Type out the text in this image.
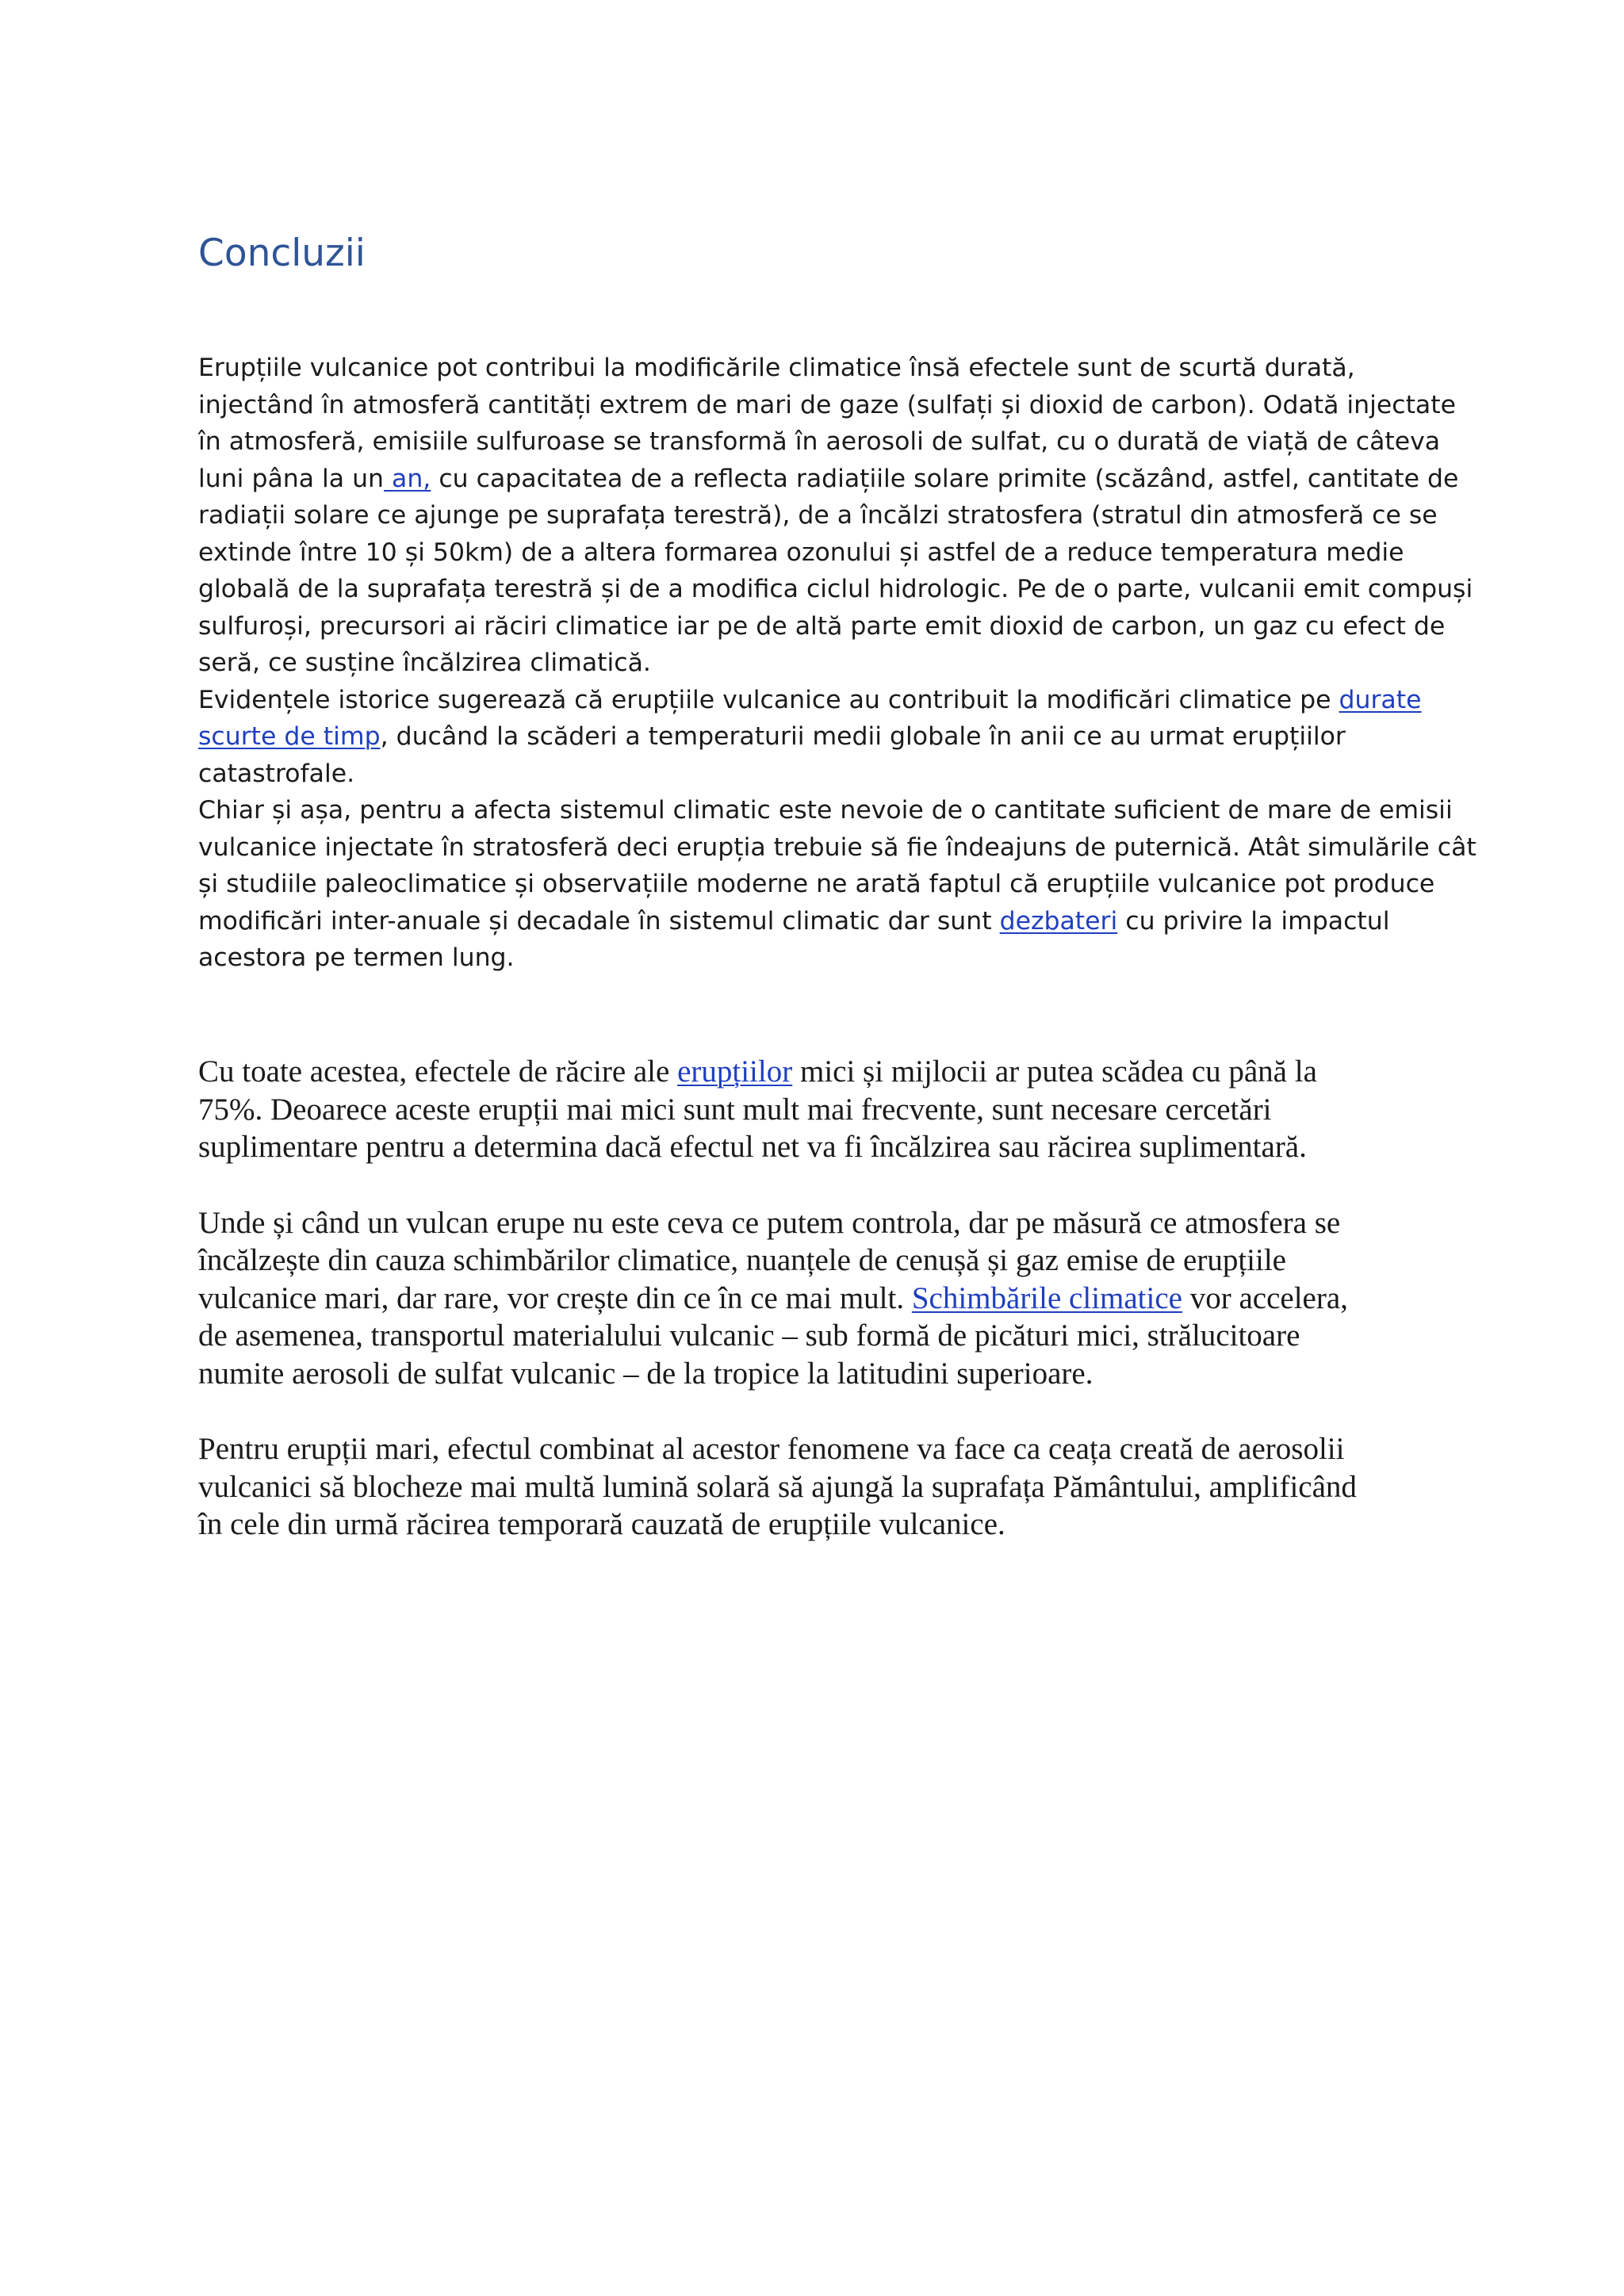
Concluzii

Erupțiile vulcanice pot contribui la modificările climatice însă efectele sunt de scurtă durată,
injectând în atmosferă cantități extrem de mari de gaze (sulfați și dioxid de carbon). Odată injectate
în atmosferă, emisiile sulfuroase se transformă în aerosoli de sulfat, cu o durată de viață de câteva
luni pâna la un an, cu capacitatea de a reflecta radiațiile solare primite (scăzând, astfel, cantitate de
radiații solare ce ajunge pe suprafața terestră), de a încălzi stratosfera (stratul din atmosferă ce se
extinde între 10 și 50km) de a altera formarea ozonului și astfel de a reduce temperatura medie
globală de la suprafața terestră și de a modifica ciclul hidrologic. Pe de o parte, vulcanii emit compuși
sulfuroși, precursori ai răciri climatice iar pe de altă parte emit dioxid de carbon, un gaz cu efect de
seră, ce susține încălzirea climatică.

Evidențele istorice sugerează că erupțiile vulcanice au contribuit la modificări climatice pe durate
scurte de timp, ducând la scăderi a temperaturii medii globale în anii ce au urmat erupțiilor
catastrofale.

Chiar și așa, pentru a afecta sistemul climatic este nevoie de o cantitate suficient de mare de emisii
vulcanice injectate în stratosferă deci erupția trebuie să fie îndeajuns de puternică. Atât simulările cât
și studiile paleoclimatice și observațiile moderne ne arată faptul că erupțiile vulcanice pot produce
modificări inter-anuale și decadale în sistemul climatic dar sunt dezbateri cu privire la impactul
acestora pe termen lung.

Cu toate acestea, efectele de răcire ale erupțiilor mici și mijlocii ar putea scădea cu până la
75%. Deoarece aceste erupții mai mici sunt mult mai frecvente, sunt necesare cercetări
suplimentare pentru a determina dacă efectul net va fi încălzirea sau răcirea suplimentară.

Unde și când un vulcan erupe nu este ceva ce putem controla, dar pe măsură ce atmosfera se
încălzește din cauza schimbărilor climatice, nuanțele de cenușă și gaz emise de erupțiile
vulcanice mari, dar rare, vor crește din ce în ce mai mult. Schimbările climatice vor accelera,
de asemenea, transportul materialului vulcanic – sub formă de picături mici, strălucitoare
numite aerosoli de sulfat vulcanic – de la tropice la latitudini superioare.

Pentru erupții mari, efectul combinat al acestor fenomene va face ca ceața creată de aerosolii
vulcanici să blocheze mai multă lumină solară să ajungă la suprafața Pământului, amplificând
în cele din urmă răcirea temporară cauzată de erupțiile vulcanice.
